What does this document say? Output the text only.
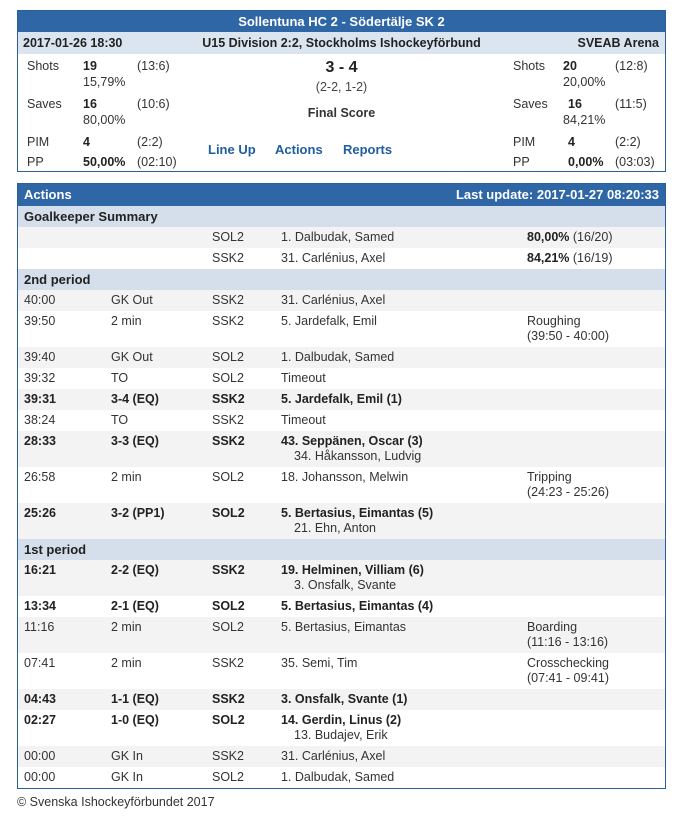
Sollentuna HC 2 - Södertälje SK 2
2017-01-26 18:30	U15 Division 2:2, Stockholms Ishockeyförbund	SVEAB Arena
Shots 19	(13:6)
15,79%
Saves 16	(10:6)
80,00%
PIM	4	(2:2)
PP	50,00% (02:10)
3 - 4
(2-2, 1-2)
Final Score
Line Up Actions Reports
Shots 20	(12:8)
20,00%
Saves 16	(11:5)
84,21%
PIM	4	(2:2)
PP	0,00% (03:03)
Actions	Last update: 2017-01-27 08:20:33
Goalkeeper Summary
SOL2	1. Dalbudak, Samed	80,00% (16/20)
SSK2	31. Carlénius, Axel	84,21% (16/19)
2nd period
40:00	GK Out	SSK2	31. Carlénius, Axel
39:50	2 min	SSK2	5. Jardefalk, Emil	Roughing
(39:50 - 40:00)
39:40	GK Out	SOL2	1. Dalbudak, Samed
39:32	TO	SOL2	Timeout
39:31	3-4 (EQ)	SSK2	5. Jardefalk, Emil (1)
38:24	TO	SSK2	Timeout
28:33	3-3 (EQ)	SSK2	43. Seppänen, Oscar (3)
34. Håkansson, Ludvig
26:58	2 min	SOL2	18. Johansson, Melwin	Tripping
(24:23 - 25:26)
25:26	3-2 (PP1)	SOL2	5. Bertasius, Eimantas (5)
21. Ehn, Anton
1st period
16:21	2-2 (EQ)	SSK2	19. Helminen, Villiam (6)
3. Onsfalk, Svante
13:34	2-1 (EQ)	SOL2	5. Bertasius, Eimantas (4)
11:16	2 min	SOL2	5. Bertasius, Eimantas	Boarding
(11:16 - 13:16)
07:41	2 min	SSK2	35. Semi, Tim	Crosschecking
(07:41 - 09:41)
04:43	1-1 (EQ)	SSK2	3. Onsfalk, Svante (1)
02:27	1-0 (EQ)	SOL2	14. Gerdin, Linus (2)
13. Budajev, Erik
00:00	GK In	SSK2	31. Carlénius, Axel
00:00	GK In	SOL2	1. Dalbudak, Samed
© Svenska Ishockeyförbundet 2017
